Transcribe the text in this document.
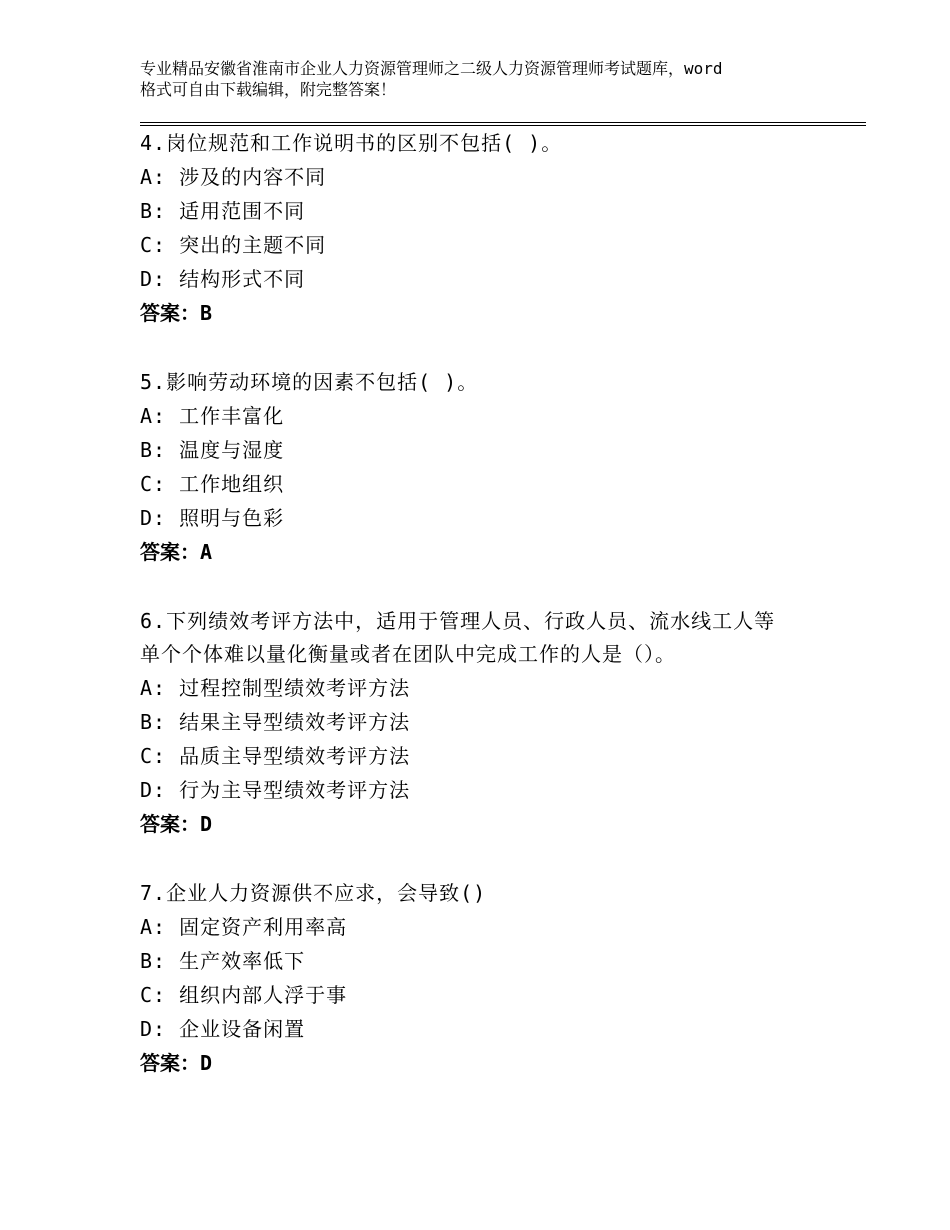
专业精品安徽省淮南市企业人力资源管理师之二级人力资源管理师考试题库，word
格式可自由下载编辑，附完整答案！

4.岗位规范和工作说明书的区别不包括( )。

A: 涉及的内容不同

B: 适用范围不同

C: 突出的主题不同

D: 结构形式不同

答案：B

5.影响劳动环境的因素不包括( )。

A: 工作丰富化

B: 温度与湿度

C: 工作地组织

D: 照明与色彩

答案：A

6.下列绩效考评方法中，适用于管理人员、行政人员、流水线工人等

单个个体难以量化衡量或者在团队中完成工作的人是（）。

A: 过程控制型绩效考评方法

B: 结果主导型绩效考评方法

C: 品质主导型绩效考评方法

D: 行为主导型绩效考评方法

答案：D

7.企业人力资源供不应求，会导致()

A: 固定资产利用率高

B: 生产效率低下

C: 组织内部人浮于事

D: 企业设备闲置

答案：D
